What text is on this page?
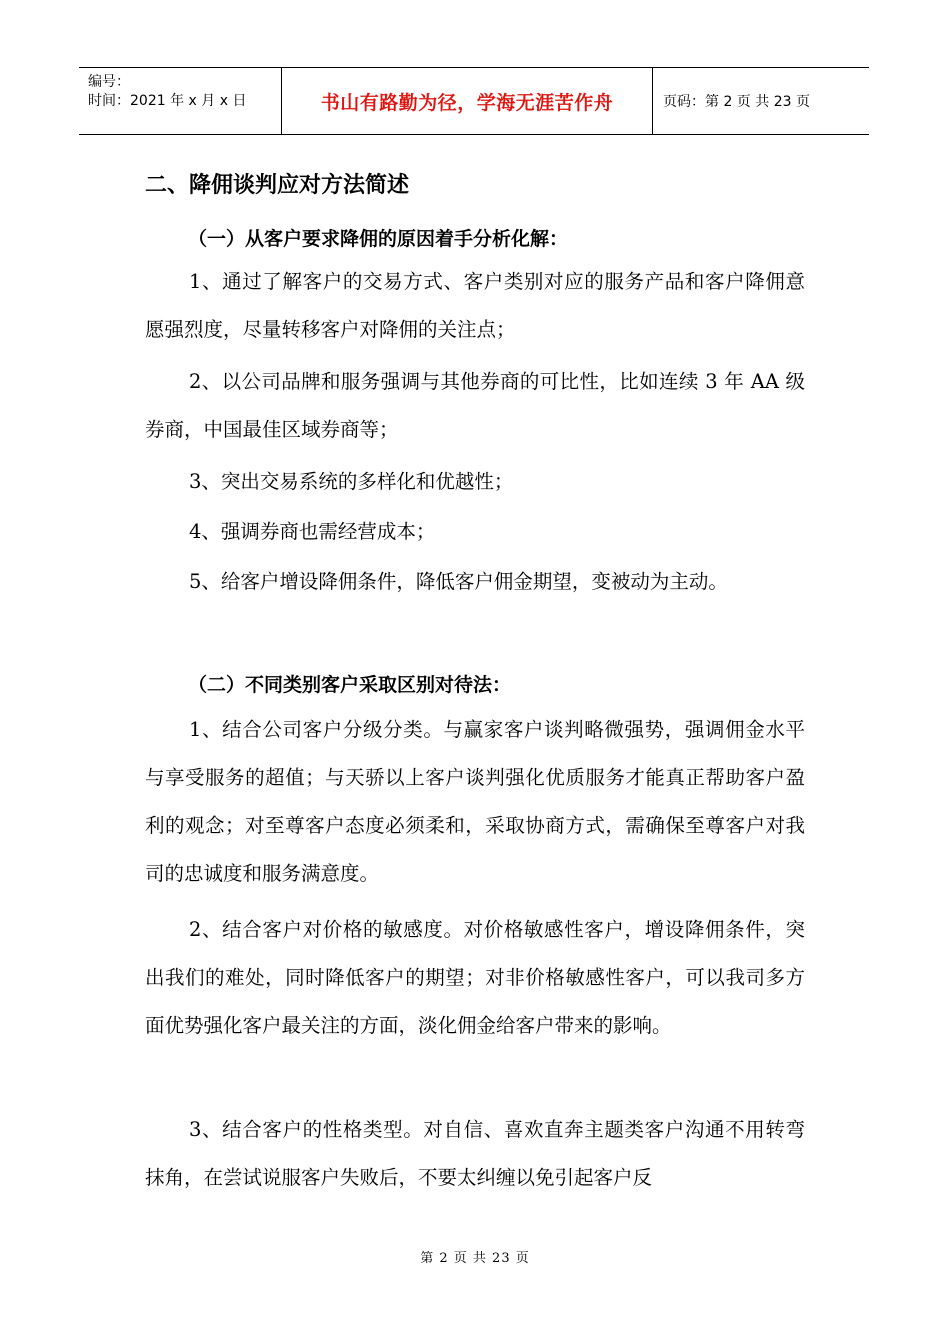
编号：
时间：2021 年 x 月 x 日	书山有路勤为径，学海无涯苦作舟	页码：第 2 页 共 23 页
二、降佣谈判应对方法简述
（一）从客户要求降佣的原因着手分析化解：
1、通过了解客户的交易方式、客户类别对应的服务产品和客户降佣意愿强烈度，尽量转移客户对降佣的关注点；
2、以公司品牌和服务强调与其他券商的可比性，比如连续 3 年 AA 级券商，中国最佳区域券商等；
3、突出交易系统的多样化和优越性；
4、强调券商也需经营成本；
5、给客户增设降佣条件，降低客户佣金期望，变被动为主动。
（二）不同类别客户采取区别对待法：
1、结合公司客户分级分类。与赢家客户谈判略微强势，强调佣金水平与享受服务的超值；与天骄以上客户谈判强化优质服务才能真正帮助客户盈利的观念；对至尊客户态度必须柔和，采取协商方式，需确保至尊客户对我司的忠诚度和服务满意度。
2、结合客户对价格的敏感度。对价格敏感性客户，增设降佣条件，突出我们的难处，同时降低客户的期望；对非价格敏感性客户，可以我司多方面优势强化客户最关注的方面，淡化佣金给客户带来的影响。
3、结合客户的性格类型。对自信、喜欢直奔主题类客户沟通不用转弯抹角，在尝试说服客户失败后，不要太纠缠以免引起客户反
第 2 页 共 23 页
